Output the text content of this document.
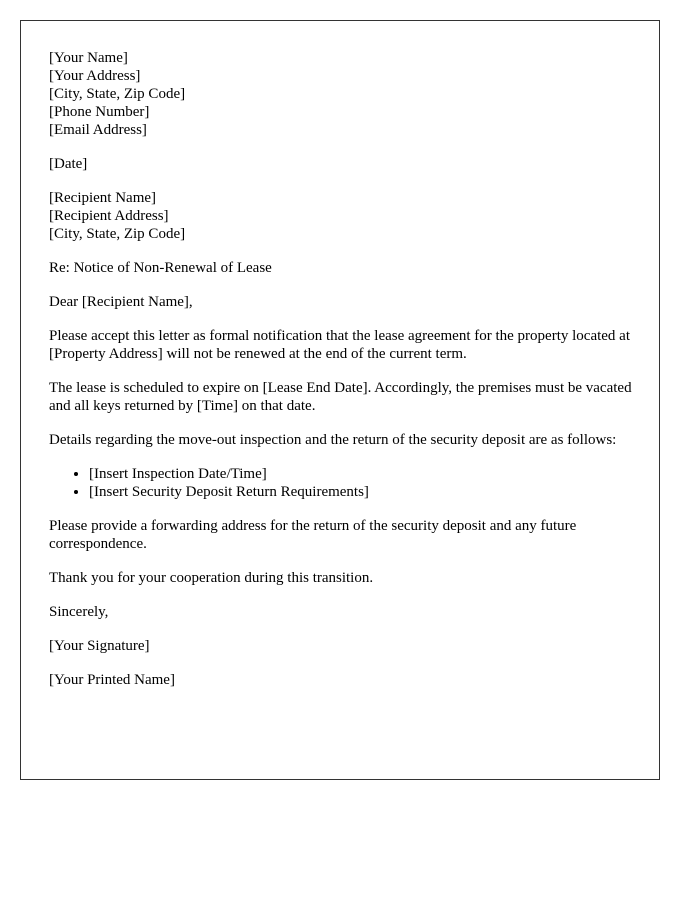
[Your Name]
[Your Address]
[City, State, Zip Code]
[Phone Number]
[Email Address]
[Date]
[Recipient Name]
[Recipient Address]
[City, State, Zip Code]

Re: Notice of Non-Renewal of Lease

Dear [Recipient Name],

Please accept this letter as formal notification that the lease agreement for the property located at [Property Address] will not be renewed at the end of the current term.

The lease is scheduled to expire on [Lease End Date]. Accordingly, the premises must be vacated and all keys returned by [Time] on that date.

Details regarding the move-out inspection and the return of the security deposit are as follows:

• [Insert Inspection Date/Time]
• [Insert Security Deposit Return Requirements]

Please provide a forwarding address for the return of the security deposit and any future correspondence.

Thank you for your cooperation during this transition.

Sincerely,

[Your Signature]

[Your Printed Name]
